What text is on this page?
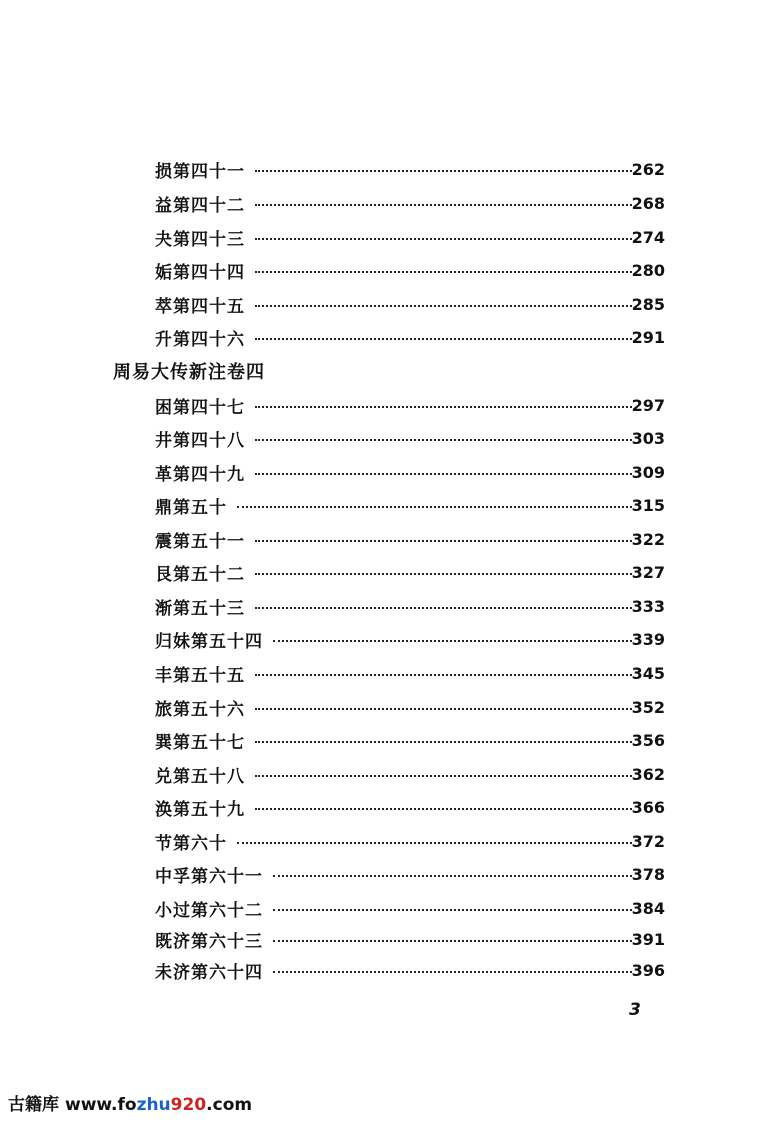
损第四十一	262
益第四十二	268
夬第四十三	274
姤第四十四	280
萃第四十五	285
升第四十六	291
周易大传新注卷四
困第四十七	297
井第四十八	303
革第四十九	309
鼎第五十	315
震第五十一	322
艮第五十二	327
渐第五十三	333
归妹第五十四	339
丰第五十五	345
旅第五十六	352
巽第五十七	356
兑第五十八	362
涣第五十九	366
节第六十	372
中孚第六十一	378
小过第六十二	384
既济第六十三	391
未济第六十四	396
3
古籍库 www.fozhu920.com
